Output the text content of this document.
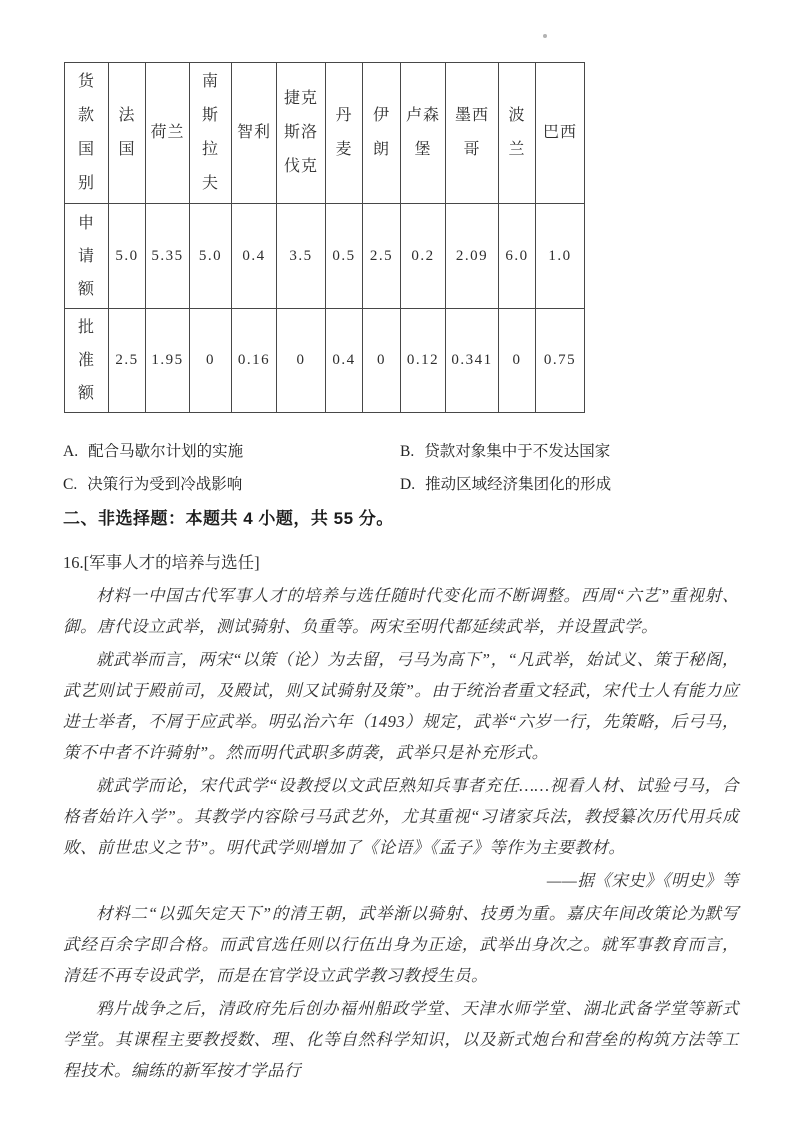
货款国别	法国	荷兰	南斯拉夫	智利	捷克斯洛伐克	丹麦	伊朗	卢森堡	墨西哥	波兰	巴西

申请额	5.0	5.35	5.0	0.4	3.5	0.5	2.5	0.2	2.09	6.0	1.0

批准额	2.5	1.95	0	0.16	0	0.4	0	0.12	0.341	0	0.75
A. 配合马歇尔计划的实施	B. 贷款对象集中于不发达国家
C. 决策行为受到冷战影响	D. 推动区域经济集团化的形成
二、非选择题：本题共 4 小题，共 55 分。
16.[军事人才的培养与选任]

材料一中国古代军事人才的培养与选任随时代变化而不断调整。西周“六艺”重视射、御。唐代设立武举，测试骑射、负重等。两宋至明代都延续武举，并设置武学。

就武举而言，两宋“以策（论）为去留，弓马为高下”，“凡武举，始试义、策于秘阁，武艺则试于殿前司，及殿试，则又试骑射及策”。由于统治者重文轻武，宋代士人有能力应进士举者，不屑于应武举。明弘治六年（1493）规定，武举“六岁一行，先策略，后弓马，策不中者不许骑射”。然而明代武职多荫袭，武举只是补充形式。

就武学而论，宋代武学“设教授以文武臣熟知兵事者充任……视看人材、试验弓马，合格者始许入学”。其教学内容除弓马武艺外，尤其重视“习诸家兵法，教授纂次历代用兵成败、前世忠义之节”。明代武学则增加了《论语》《孟子》等作为主要教材。

——据《宋史》《明史》等

材料二“以弧矢定天下”的清王朝，武举渐以骑射、技勇为重。嘉庆年间改策论为默写武经百余字即合格。而武官选任则以行伍出身为正途，武举出身次之。就军事教育而言，清廷不再专设武学，而是在官学设立武学教习教授生员。

鸦片战争之后，清政府先后创办福州船政学堂、天津水师学堂、湖北武备学堂等新式学堂。其课程主要教授数、理、化等自然科学知识，以及新式炮台和营垒的构筑方法等工程技术。编练的新军按才学品行
